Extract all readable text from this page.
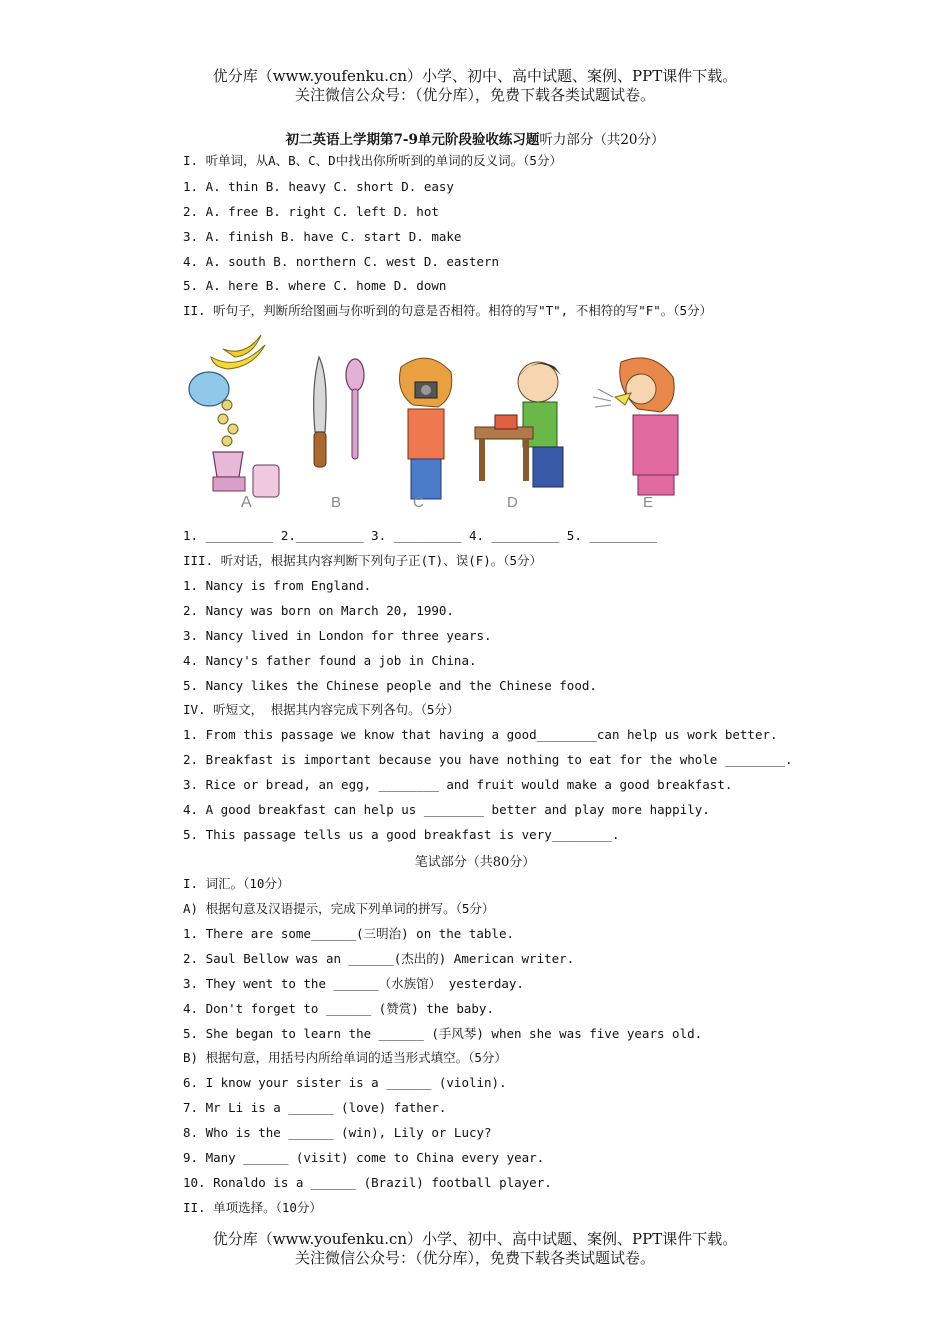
优分库（www.youfenku.cn）小学、初中、高中试题、案例、PPT课件下载。
关注微信公众号：（优分库），免费下载各类试题试卷。
初二英语上学期第7-9单元阶段验收练习题听力部分（共20分）
I. 听单词，从A、B、C、D中找出你所听到的单词的反义词。（5分）
1. A. thin B. heavy C. short D. easy
2. A. free B. right C. left D. hot
3. A. finish B. have C. start D. make
4. A. south B. northern C. west D. eastern
5. A. here B. where C. home D. down
II. 听句子，判断所给图画与你听到的句意是否相符。相符的写"T", 不相符的写"F"。（5分）
A	B	C	D	E
1. _________ 2._________ 3. _________ 4. _________ 5. _________
III. 听对话，根据其内容判断下列句子正(T)、误(F)。（5分）
1. Nancy is from England.
2. Nancy was born on March 20, 1990.
3. Nancy lived in London for three years.
4. Nancy's father found a job in China.
5. Nancy likes the Chinese people and the Chinese food.
IV. 听短文， 根据其内容完成下列各句。（5分）
1. From this passage we know that having a good________can help us work better.
2. Breakfast is important because you have nothing to eat for the whole ________.
3. Rice or bread, an egg, ________ and fruit would make a good breakfast.
4. A good breakfast can help us ________ better and play more happily.
5. This passage tells us a good breakfast is very________.
笔试部分（共80分）
I. 词汇。（10分）
A) 根据句意及汉语提示，完成下列单词的拼写。（5分）
1. There are some______(三明治) on the table.
2. Saul Bellow was an ______(杰出的) American writer.
3. They went to the ______（水族馆） yesterday.
4. Don't forget to ______ (赞赏) the baby.
5. She began to learn the ______ (手风琴) when she was five years old.
B) 根据句意，用括号内所给单词的适当形式填空。（5分）
6. I know your sister is a ______ (violin).
7. Mr Li is a ______ (love) father.
8. Who is the ______ (win), Lily or Lucy?
9. Many ______ (visit) come to China every year.
10. Ronaldo is a ______ (Brazil) football player.
II. 单项选择。（10分）
优分库（www.youfenku.cn）小学、初中、高中试题、案例、PPT课件下载。
关注微信公众号：（优分库），免费下载各类试题试卷。
